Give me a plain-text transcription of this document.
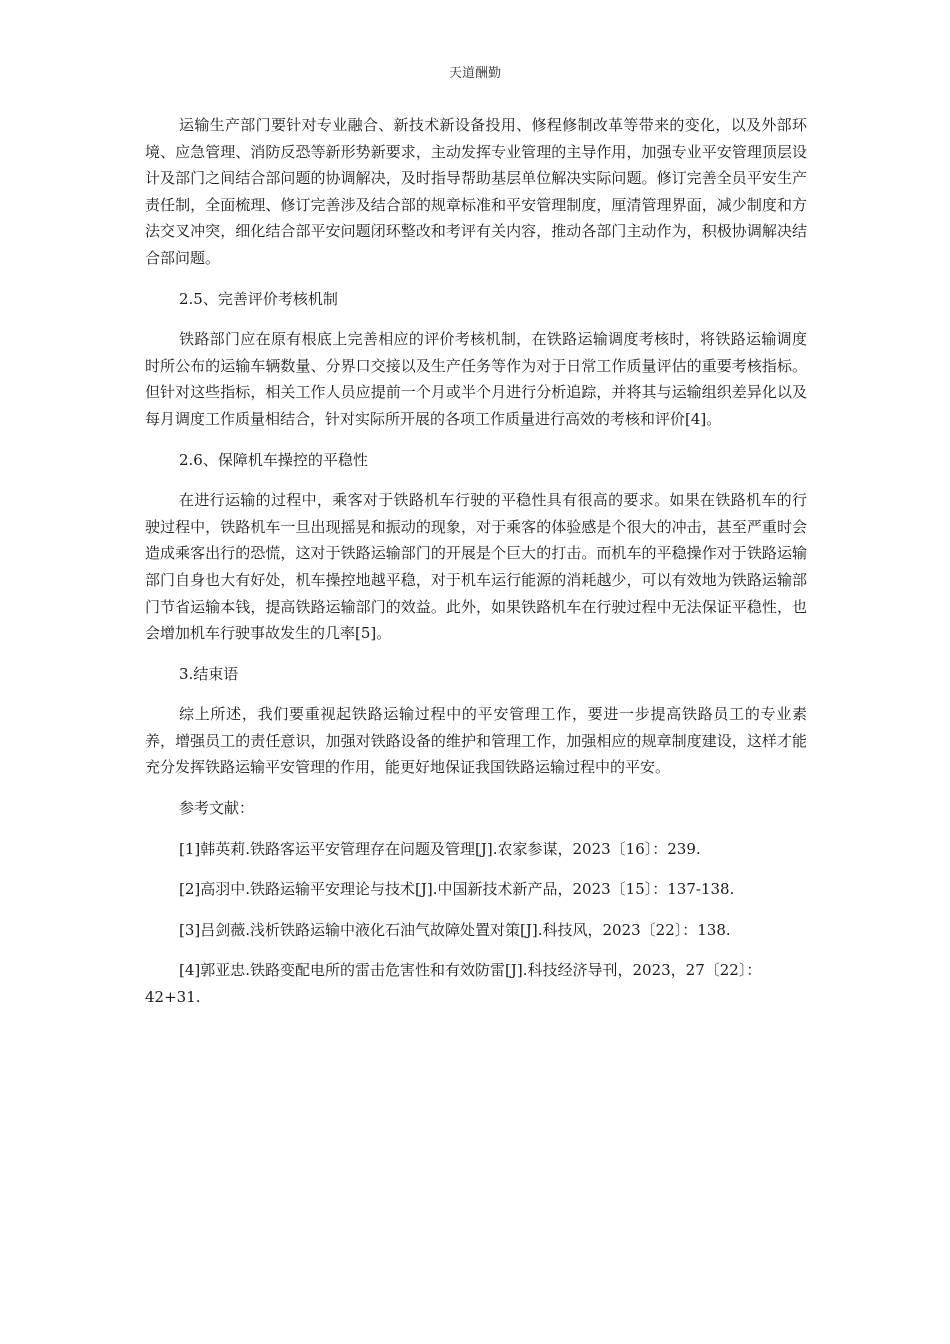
天道酬勤

运输生产部门要针对专业融合、新技术新设备投用、修程修制改革等带来的变化，以及外部环境、应急管理、消防反恐等新形势新要求，主动发挥专业管理的主导作用，加强专业平安管理顶层设计及部门之间结合部问题的协调解决，及时指导帮助基层单位解决实际问题。修订完善全员平安生产责任制，全面梳理、修订完善涉及结合部的规章标准和平安管理制度，厘清管理界面，减少制度和方法交叉冲突，细化结合部平安问题闭环整改和考评有关内容，推动各部门主动作为，积极协调解决结合部问题。

2.5、完善评价考核机制

铁路部门应在原有根底上完善相应的评价考核机制，在铁路运输调度考核时，将铁路运输调度时所公布的运输车辆数量、分界口交接以及生产任务等作为对于日常工作质量评估的重要考核指标。但针对这些指标，相关工作人员应提前一个月或半个月进行分析追踪，并将其与运输组织差异化以及每月调度工作质量相结合，针对实际所开展的各项工作质量进行高效的考核和评价[4]。

2.6、保障机车操控的平稳性

在进行运输的过程中，乘客对于铁路机车行驶的平稳性具有很高的要求。如果在铁路机车的行驶过程中，铁路机车一旦出现摇晃和振动的现象，对于乘客的体验感是个很大的冲击，甚至严重时会造成乘客出行的恐慌，这对于铁路运输部门的开展是个巨大的打击。而机车的平稳操作对于铁路运输部门自身也大有好处，机车操控地越平稳，对于机车运行能源的消耗越少，可以有效地为铁路运输部门节省运输本钱，提高铁路运输部门的效益。此外，如果铁路机车在行驶过程中无法保证平稳性，也会增加机车行驶事故发生的几率[5]。

3.结束语

综上所述，我们要重视起铁路运输过程中的平安管理工作，要进一步提高铁路员工的专业素养，增强员工的责任意识，加强对铁路设备的维护和管理工作，加强相应的规章制度建设，这样才能充分发挥铁路运输平安管理的作用，能更好地保证我国铁路运输过程中的平安。

参考文献：

[1]韩英莉.铁路客运平安管理存在问题及管理[J].农家参谋，2023〔16〕：239.

[2]高羽中.铁路运输平安理论与技术[J].中国新技术新产品，2023〔15〕：137-138.

[3]吕剑薇.浅析铁路运输中液化石油气故障处置对策[J].科技风，2023〔22〕：138.

[4]郭亚忠.铁路变配电所的雷击危害性和有效防雷[J].科技经济导刊，2023，27〔22〕：42+31.
